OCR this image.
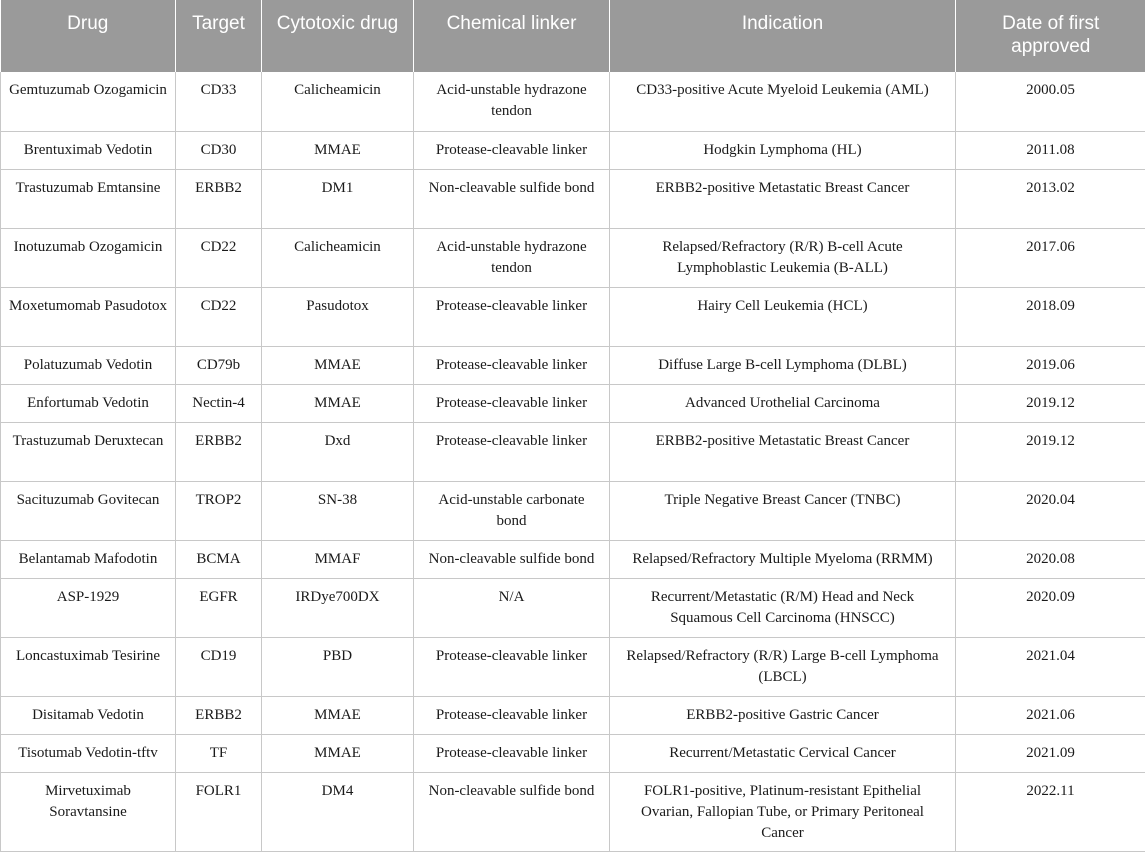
Drug	Target	Cytotoxic drug	Chemical linker	Indication	Date of first approved
Gemtuzumab Ozogamicin	CD33	Calicheamicin	Acid-unstable hydrazone tendon	CD33-positive Acute Myeloid Leukemia (AML)	2000.05
Brentuximab Vedotin	CD30	MMAE	Protease-cleavable linker	Hodgkin Lymphoma (HL)	2011.08
Trastuzumab Emtansine	ERBB2	DM1	Non-cleavable sulfide bond	ERBB2-positive Metastatic Breast Cancer	2013.02
Inotuzumab Ozogamicin	CD22	Calicheamicin	Acid-unstable hydrazone tendon	Relapsed/Refractory (R/R) B-cell Acute Lymphoblastic Leukemia (B-ALL)	2017.06
Moxetumomab Pasudotox	CD22	Pasudotox	Protease-cleavable linker	Hairy Cell Leukemia (HCL)	2018.09
Polatuzumab Vedotin	CD79b	MMAE	Protease-cleavable linker	Diffuse Large B-cell Lymphoma (DLBL)	2019.06
Enfortumab Vedotin	Nectin-4	MMAE	Protease-cleavable linker	Advanced Urothelial Carcinoma	2019.12
Trastuzumab Deruxtecan	ERBB2	Dxd	Protease-cleavable linker	ERBB2-positive Metastatic Breast Cancer	2019.12
Sacituzumab Govitecan	TROP2	SN-38	Acid-unstable carbonate bond	Triple Negative Breast Cancer (TNBC)	2020.04
Belantamab Mafodotin	BCMA	MMAF	Non-cleavable sulfide bond	Relapsed/Refractory Multiple Myeloma (RRMM)	2020.08
ASP-1929	EGFR	IRDye700DX	N/A	Recurrent/Metastatic (R/M) Head and Neck Squamous Cell Carcinoma (HNSCC)	2020.09
Loncastuximab Tesirine	CD19	PBD	Protease-cleavable linker	Relapsed/Refractory (R/R) Large B-cell Lymphoma (LBCL)	2021.04
Disitamab Vedotin	ERBB2	MMAE	Protease-cleavable linker	ERBB2-positive Gastric Cancer	2021.06
Tisotumab Vedotin-tftv	TF	MMAE	Protease-cleavable linker	Recurrent/Metastatic Cervical Cancer	2021.09
Mirvetuximab Soravtansine	FOLR1	DM4	Non-cleavable sulfide bond	FOLR1-positive, Platinum-resistant Epithelial Ovarian, Fallopian Tube, or Primary Peritoneal Cancer	2022.11
